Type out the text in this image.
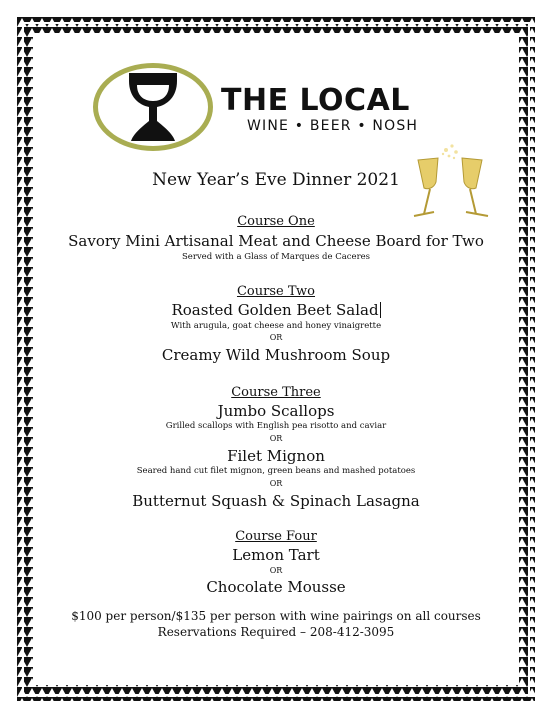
THE LOCAL
WINE • BEER • NOSH
New Year’s Eve Dinner 2021
Course One
Savory Mini Artisanal Meat and Cheese Board for Two
Served with a Glass of Marques de Caceres
Course Two
Roasted Golden Beet Salad
With arugula, goat cheese and honey vinaigrette
OR
Creamy Wild Mushroom Soup
Course Three
Jumbo Scallops
Grilled scallops with English pea risotto and caviar
OR
Filet Mignon
Seared hand cut filet mignon, green beans and mashed potatoes
OR
Butternut Squash & Spinach Lasagna
Course Four
Lemon Tart
OR
Chocolate Mousse
$100 per person/$135 per person with wine pairings on all courses
Reservations Required – 208-412-3095
